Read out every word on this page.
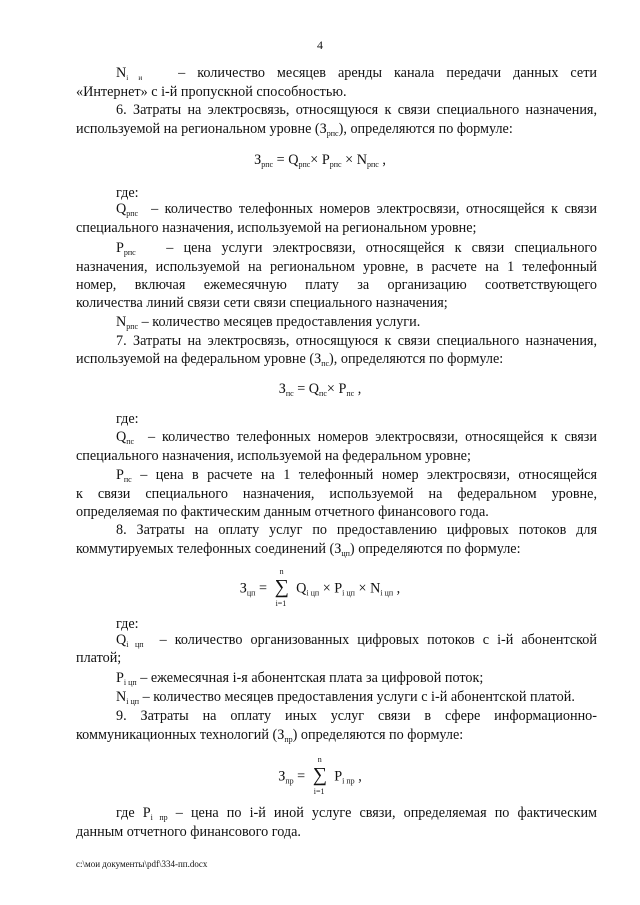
4
$N_{i и}$	– количество месяцев аренды канала передачи данных сети
«Интернет» с i-й пропускной способностью.
6. Затраты на электросвязь, относящуюся к связи специального назначения,
используемой на региональном уровне $(З_{рпс})$, определяются по формуле:
$З_{рпс} = Q_{рпс}\times P_{рпс} \times N_{рпс}$ ,
где:
$Q_{рпс}$ – количество телефонных номеров электросвязи, относящейся к связи
специального назначения, используемой на региональном уровне;
$P_{рпс}$ – цена услуги электросвязи, относящейся к связи специального
назначения, используемой на региональном уровне, в расчете на 1 телефонный
номер, включая ежемесячную плату за организацию соответствующего
количества линий связи сети связи специального назначения;
$N_{рпс}$ – количество месяцев предоставления услуги.
7. Затраты на электросвязь, относящуюся к связи специального назначения,
используемой на федеральном уровне $(З_{пс})$, определяются по формуле:
$З_{пс} = Q_{пс}\times P_{пс}$ ,
где:
$Q_{пс}$ – количество телефонных номеров электросвязи, относящейся к связи
специального назначения, используемой на федеральном уровне;
$P_{пс}$ – цена в расчете на 1 телефонный номер электросвязи, относящейся
к связи специального назначения, используемой на федеральном уровне,
определяемая по фактическим данным отчетного финансового года.
8. Затраты на оплату услуг по предоставлению цифровых потоков для
коммутируемых телефонных соединений $(З_{цп})$ определяются по формуле:
$З_{цп}$ =
n
∑
i=1
$Q_{i цп} \times P_{i цп} \times N_{i цп}$ ,
где:
$Q_{i цп}$ – количество организованных цифровых потоков с i-й абонентской
платой;
$P_{i цп}$ – ежемесячная i-я абонентская плата за цифровой поток;
$N_{i цп}$ – количество месяцев предоставления услуги с i-й абонентской платой.
9. Затраты на оплату иных услуг связи в сфере информационно-
коммуникационных технологий $(З_{пр})$ определяются по формуле:
$З_{пр}$ =
n
∑
i=1
$P_{i пр}$ ,
где $P_{i пр}$ – цена по i-й иной услуге связи, определяемая по фактическим
данным отчетного финансового года.
c:\мои документы\pdf\334-пп.docx
